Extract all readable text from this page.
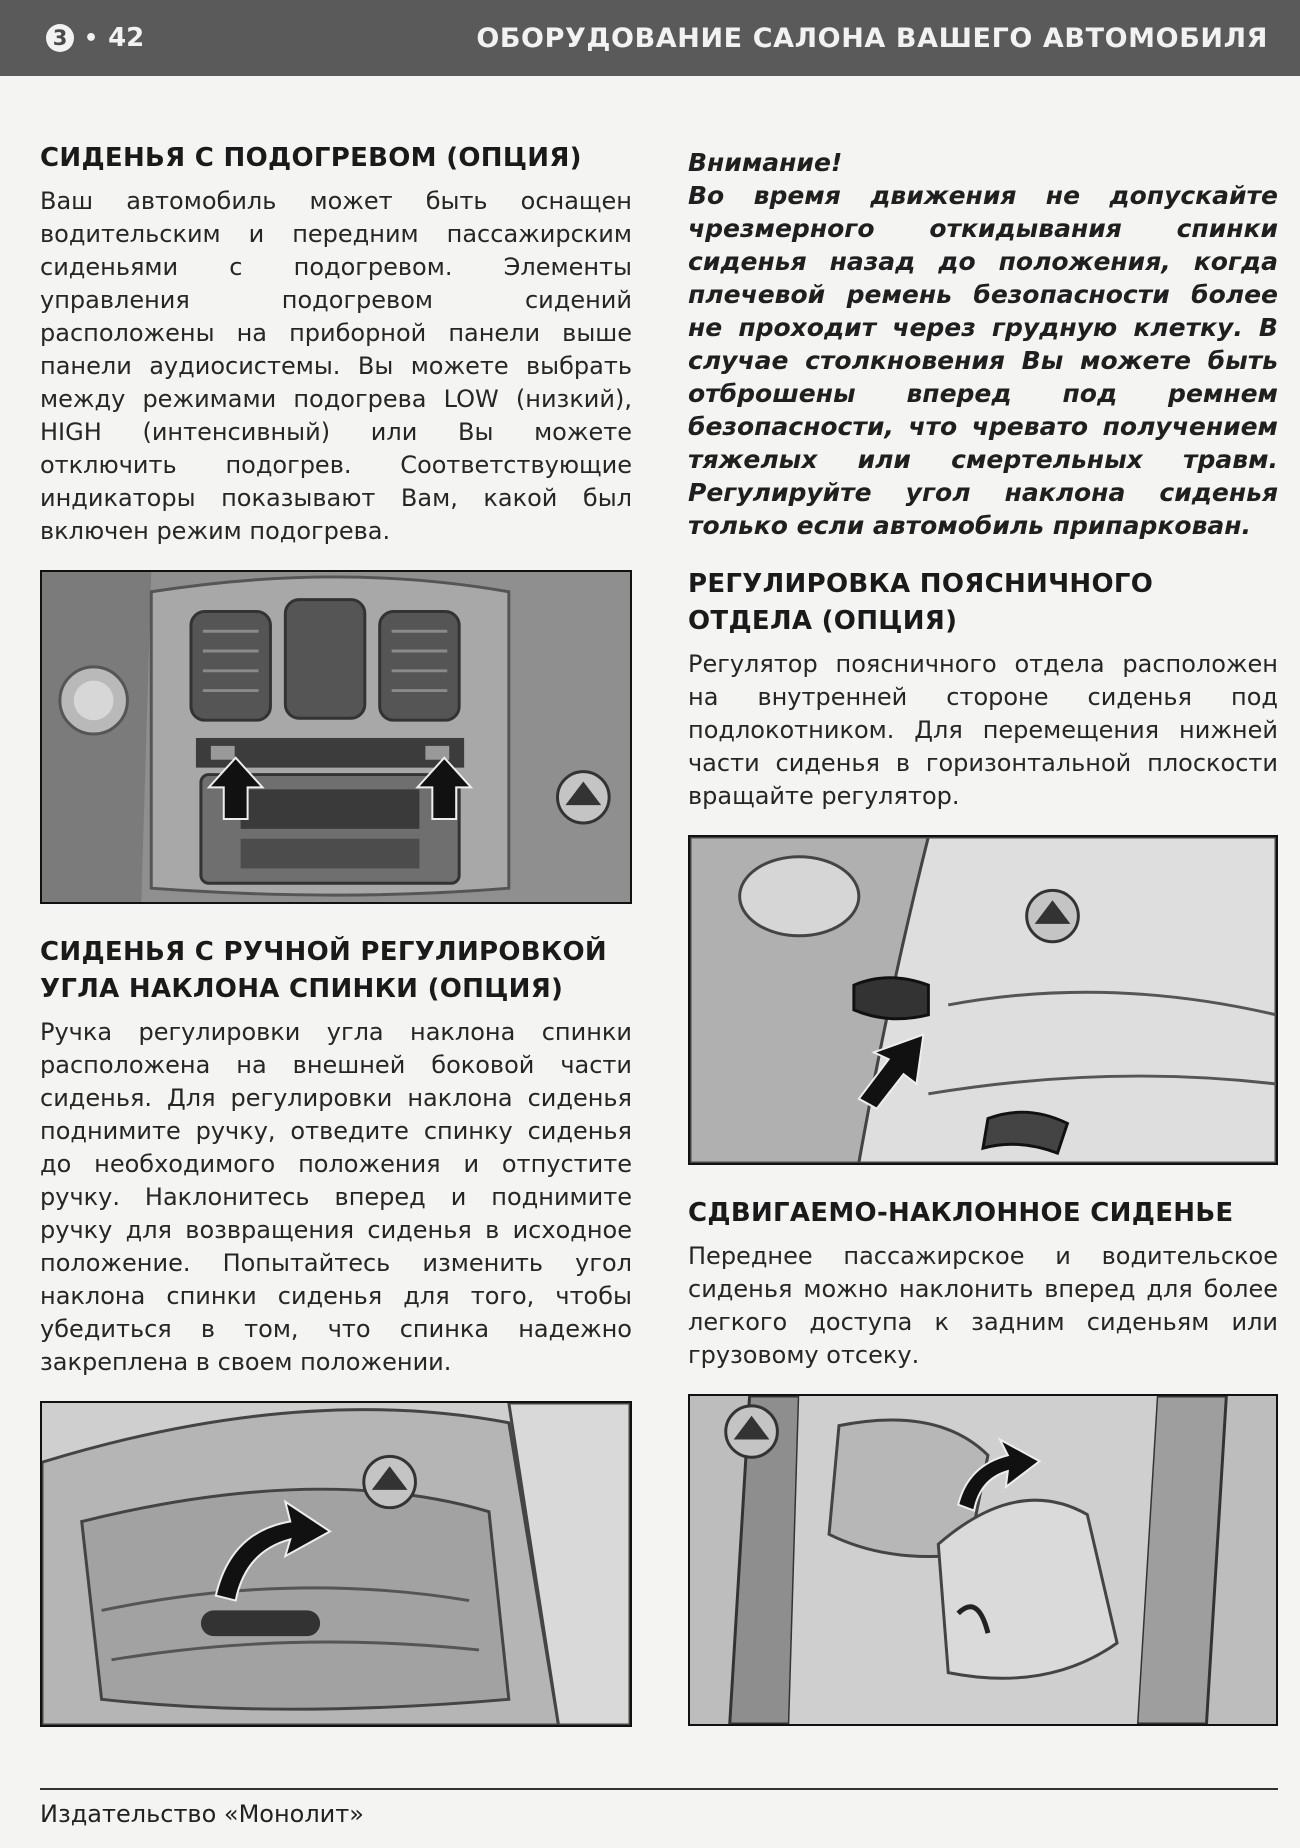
3 • 42	ОБОРУДОВАНИЕ САЛОНА ВАШЕГО АВТОМОБИЛЯ
СИДЕНЬЯ С ПОДОГРЕВОМ (ОПЦИЯ)

Ваш автомобиль может быть оснащен водительским и передним пассажирским сиденьями с подогревом. Элементы управления подогревом сидений расположены на приборной панели выше панели аудиосистемы. Вы можете выбрать между режимами подогрева LOW (низкий), HIGH (интенсивный) или Вы можете отключить подогрев. Соответствующие индикаторы показывают Вам, какой был включен режим подогрева.

СИДЕНЬЯ С РУЧНОЙ РЕГУЛИРОВКОЙ УГЛА НАКЛОНА СПИНКИ (ОПЦИЯ)

Ручка регулировки угла наклона спинки расположена на внешней боковой части сиденья. Для регулировки наклона сиденья поднимите ручку, отведите спинку сиденья до необходимого положения и отпустите ручку. Наклонитесь вперед и поднимите ручку для возвращения сиденья в исходное положение. Попытайтесь изменить угол наклона спинки сиденья для того, чтобы убедиться в том, что спинка надежно закреплена в своем положении.

Внимание!

Во время движения не допускайте чрезмерного откидывания спинки сиденья назад до положения, когда плечевой ремень безопасности более не проходит через грудную клетку. В случае столкновения Вы можете быть отброшены вперед под ремнем безопасности, что чревато получением тяжелых или смертельных травм. Регулируйте угол наклона сиденья только если автомобиль припаркован.

РЕГУЛИРОВКА ПОЯСНИЧНОГО ОТДЕЛА (ОПЦИЯ)

Регулятор поясничного отдела расположен на внутренней стороне сиденья под подлокотником. Для перемещения нижней части сиденья в горизонтальной плоскости вращайте регулятор.

СДВИГАЕМО-НАКЛОННОЕ СИДЕНЬЕ

Переднее пассажирское и водительское сиденья можно наклонить вперед для более легкого доступа к задним сиденьям или грузовому отсеку.

Издательство «Монолит»
